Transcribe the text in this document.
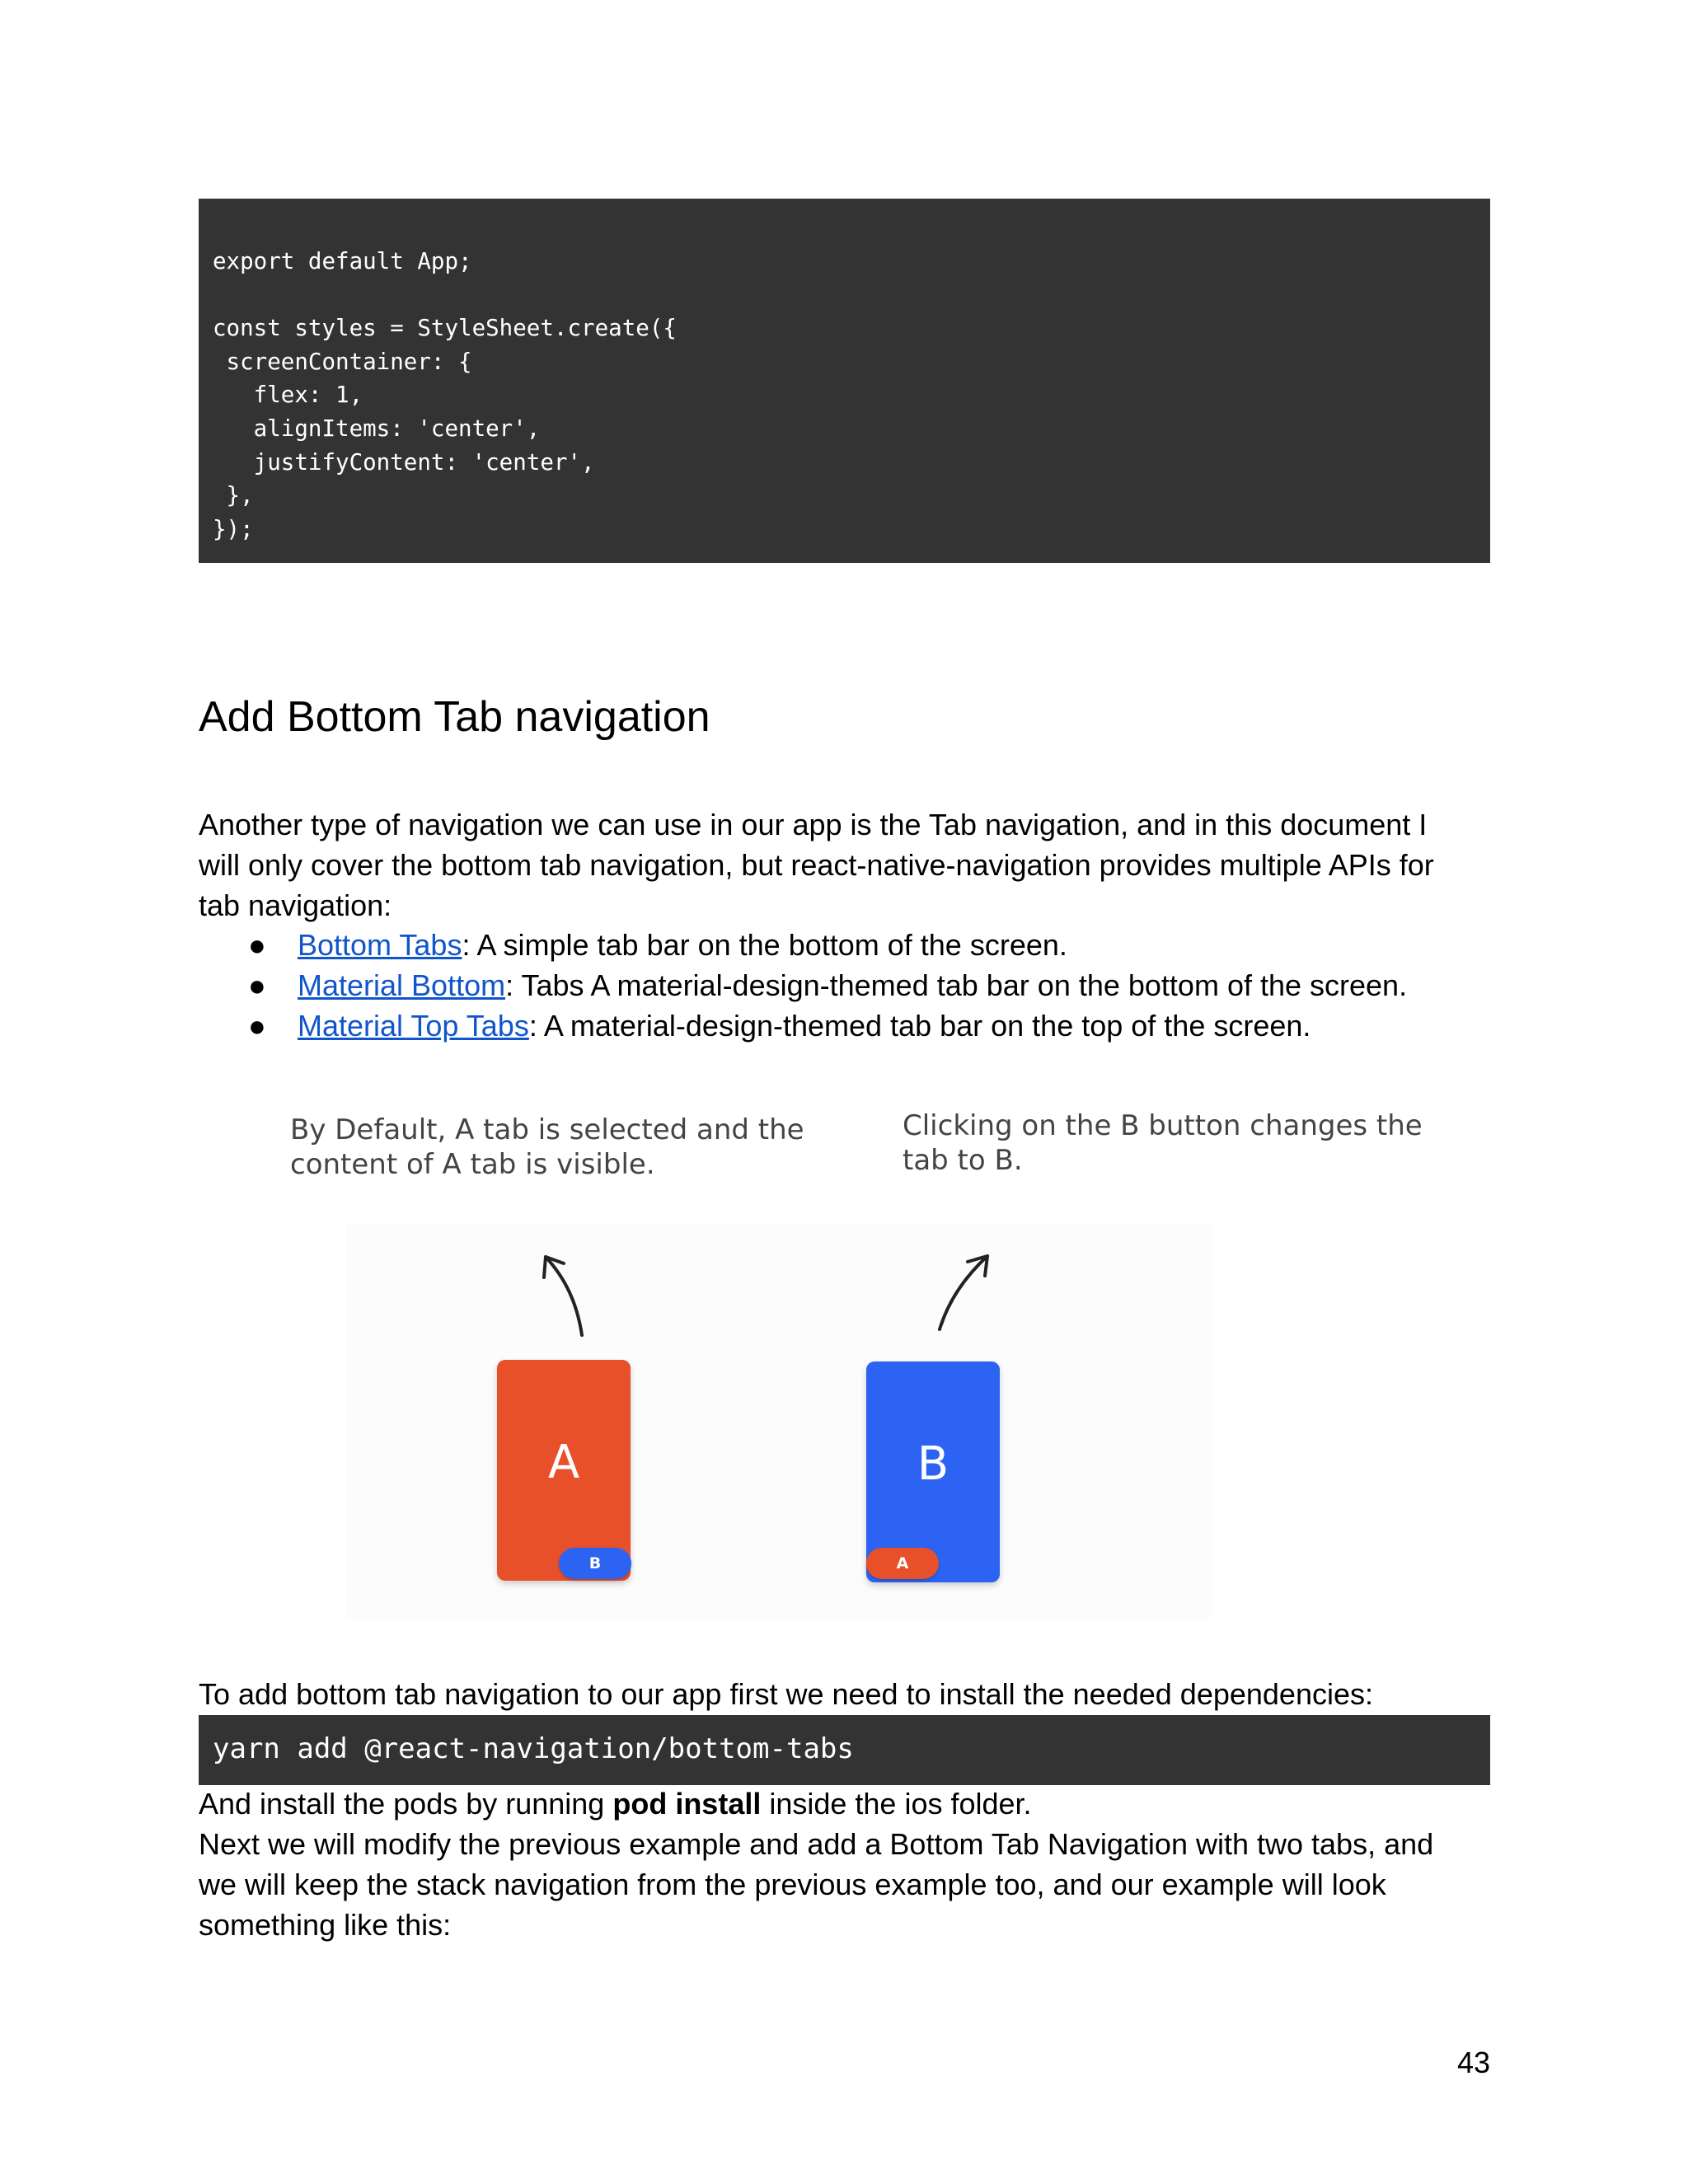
export default App;

const styles = StyleSheet.create({
screenContainer: {
flex: 1,
alignItems: 'center',
justifyContent: 'center',
},
});
Add Bottom Tab navigation
Another type of navigation we can use in our app is the Tab navigation, and in this document I
will only cover the bottom tab navigation, but react-native-navigation provides multiple APIs for
tab navigation:
● Bottom Tabs: A simple tab bar on the bottom of the screen.
● Material Bottom: Tabs A material-design-themed tab bar on the bottom of the screen.
● Material Top Tabs: A material-design-themed tab bar on the top of the screen.
By Default, A tab is selected and the
content of A tab is visible.
Clicking on the B button changes the
tab to B.
A
B
B
A
To add bottom tab navigation to our app first we need to install the needed dependencies:
yarn add @react-navigation/bottom-tabs
And install the pods by running pod install inside the ios folder.
Next we will modify the previous example and add a Bottom Tab Navigation with two tabs, and
we will keep the stack navigation from the previous example too, and our example will look
something like this:
43
